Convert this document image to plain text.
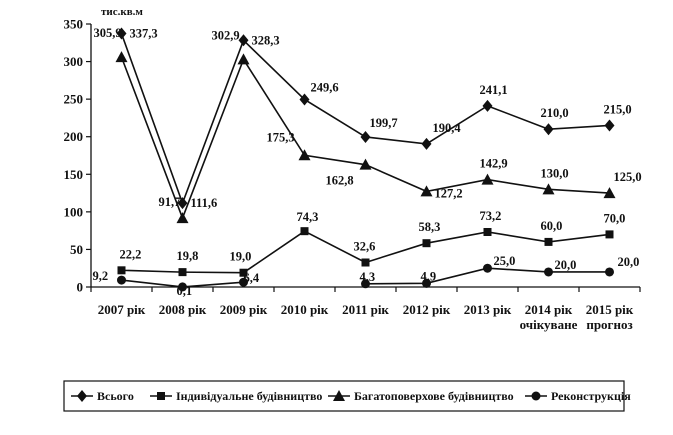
0
50
100
150
200
250
300
350
2007 рік 2008 рік 2009 рік 2010 рік 2011 рік 2012 рік 2013 рік 2014 рік
очікуване
2015 рік
прогноз
337,3
111,6
328,3
249,6
199,7	190,4
241,1
210,0	215,0
22,2	19,8 19,0
74,3
32,6
58,3
73,2
60,0
70,0
305,9
91,7
302,9
175,3
162,8
127,2
142,9
130,0	125,0
9,2
0,1
6,4	4,3	4,9
25,0	20,0	20,0
тис.кв.м
Всього	Індивідуальне будівництво	Багатоповерхове будівництво	Реконструкція
